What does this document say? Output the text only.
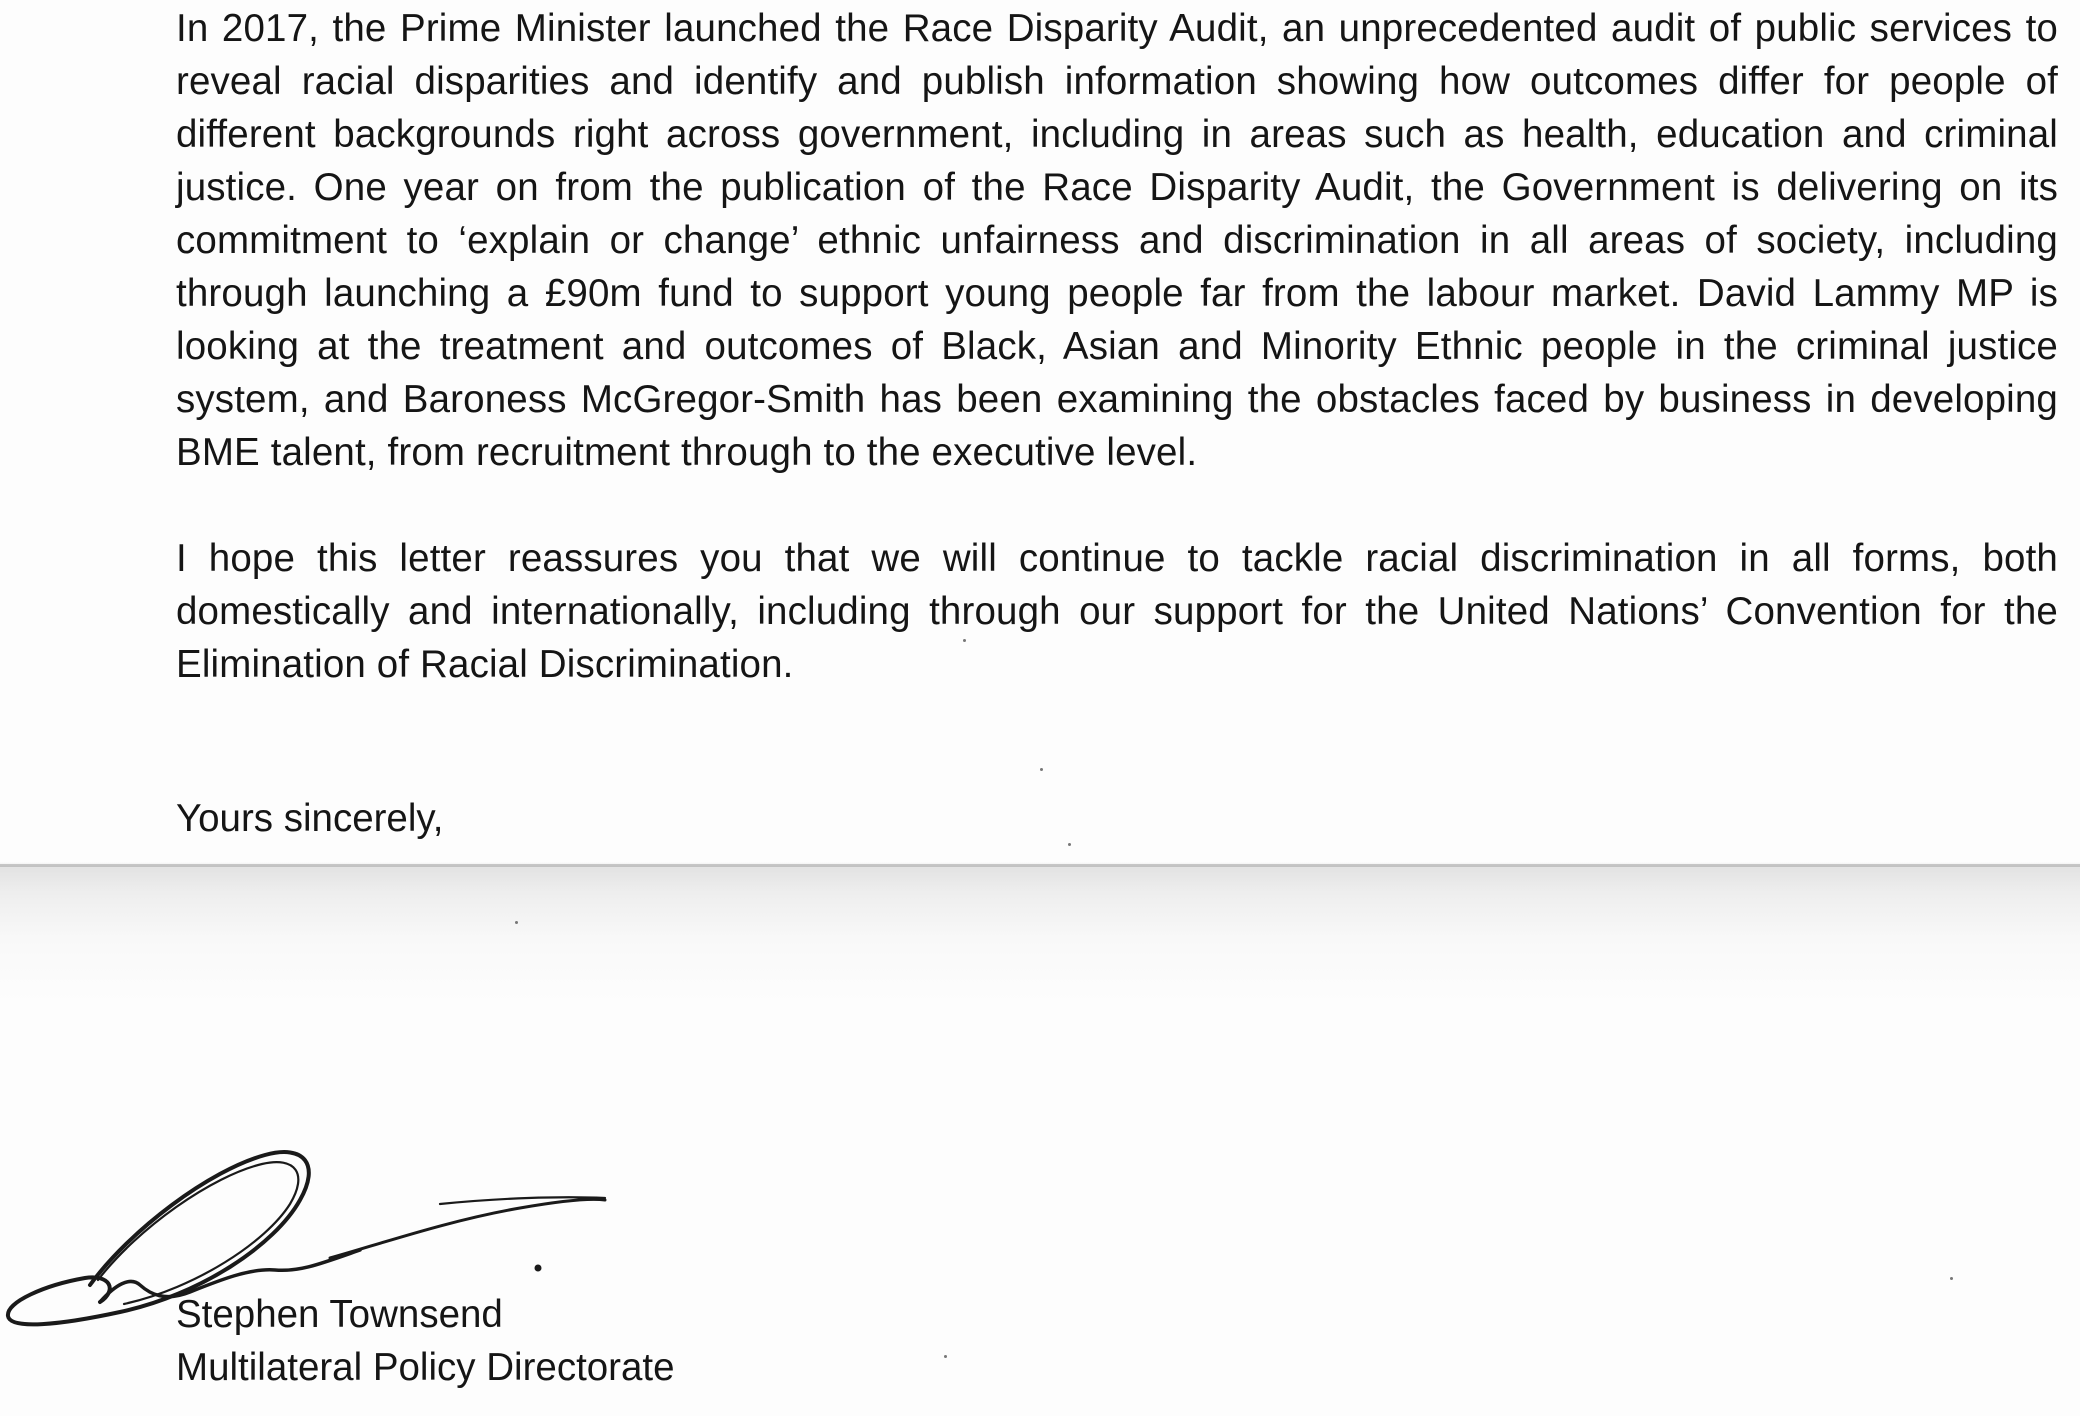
In 2017, the Prime Minister launched the Race Disparity Audit, an unprecedented audit of public services to reveal racial disparities and identify and publish information showing how outcomes differ for people of different backgrounds right across government, including in areas such as health, education and criminal justice. One year on from the publication of the Race Disparity Audit, the Government is delivering on its commitment to ‘explain or change’ ethnic unfairness and discrimination in all areas of society, including through launching a £90m fund to support young people far from the labour market. David Lammy MP is looking at the treatment and outcomes of Black, Asian and Minority Ethnic people in the criminal justice system, and Baroness McGregor-Smith has been examining the obstacles faced by business in developing BME talent, from recruitment through to the executive level.

I hope this letter reassures you that we will continue to tackle racial discrimination in all forms, both domestically and internationally, including through our support for the United Nations’ Convention for the Elimination of Racial Discrimination.

Yours sincerely,
Stephen Townsend
Multilateral Policy Directorate
